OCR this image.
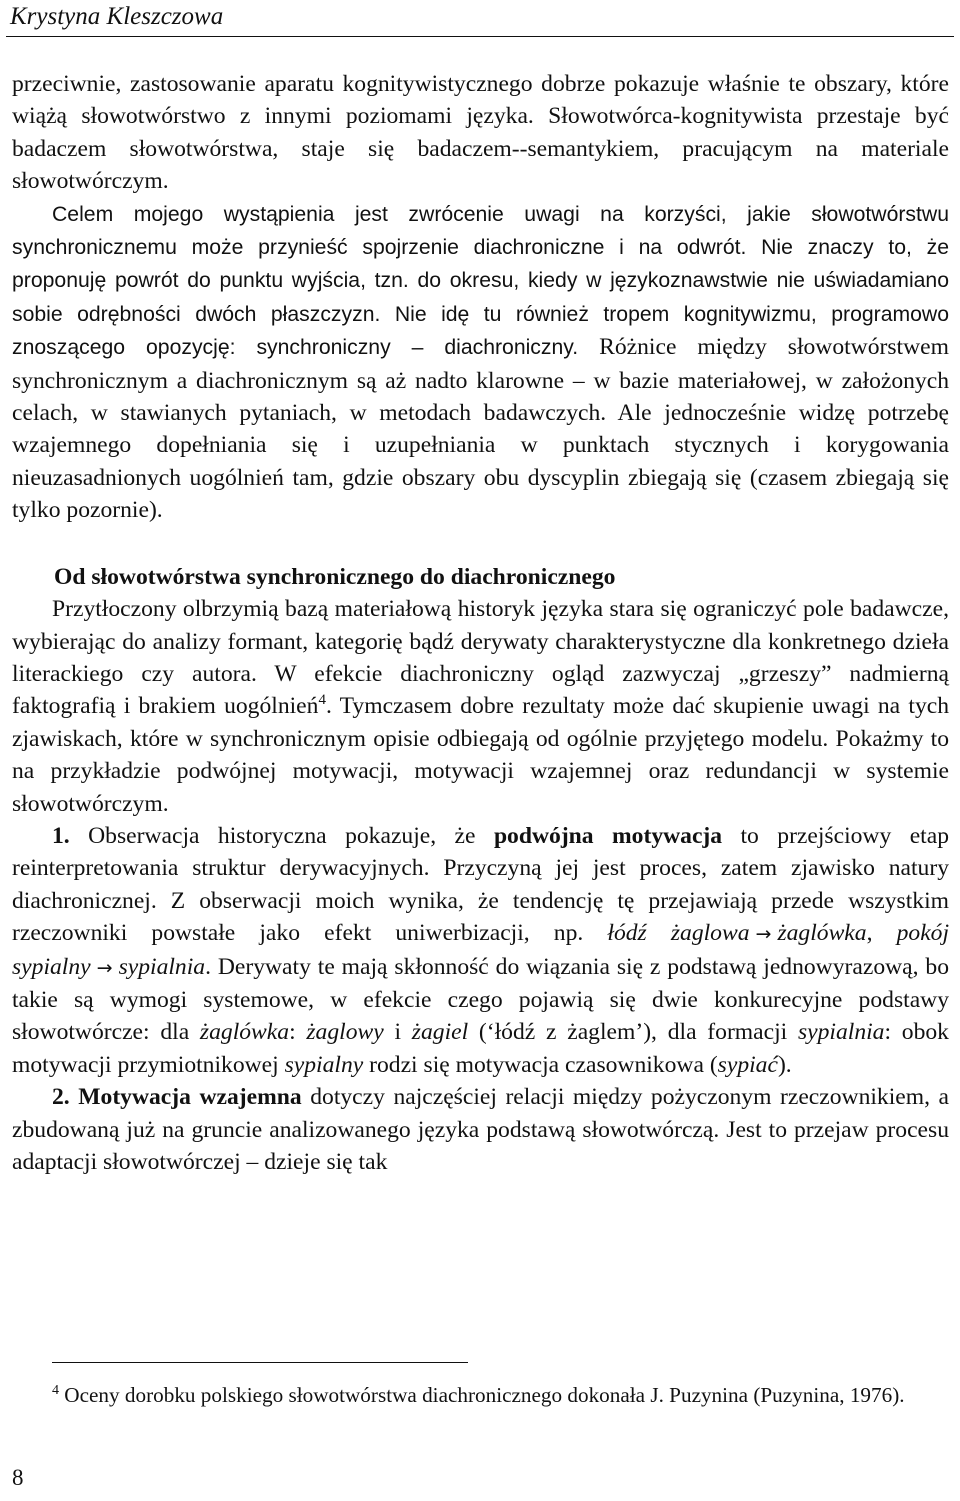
Krystyna Kleszczowa

przeciwnie, zastosowanie aparatu kognitywistycznego dobrze pokazuje właśnie te obszary, które wiążą słowotwórstwo z innymi poziomami języka. Słowotwórca-kognitywista przestaje być badaczem słowotwórstwa, staje się badaczem--semantykiem, pracującym na materiale słowotwórczym.

Celem mojego wystąpienia jest zwrócenie uwagi na korzyści, jakie słowotwórstwu synchronicznemu może przynieść spojrzenie diachroniczne i na odwrót. Nie znaczy to, że proponuję powrót do punktu wyjścia, tzn. do okresu, kiedy w językoznawstwie nie uświadamiano sobie odrębności dwóch płaszczyzn. Nie idę tu również tropem kognitywizmu, programowo znoszącego opozycję: synchroniczny – diachroniczny. Różnice między słowotwórstwem synchronicznym a diachronicznym są aż nadto klarowne – w bazie materiałowej, w założonych celach, w stawianych pytaniach, w metodach badawczych. Ale jednocześnie widzę potrzebę wzajemnego dopełniania się i uzupełniania w punktach stycznych i korygowania nieuzasadnionych uogólnień tam, gdzie obszary obu dyscyplin zbiegają się (czasem zbiegają się tylko pozornie).

Od słowotwórstwa synchronicznego do diachronicznego

Przytłoczony olbrzymią bazą materiałową historyk języka stara się ograniczyć pole badawcze, wybierając do analizy formant, kategorię bądź derywaty charakterystyczne dla konkretnego dzieła literackiego czy autora. W efekcie diachroniczny ogląd zazwyczaj „grzeszy” nadmierną faktografią i brakiem uogólnień$^4$. Tymczasem dobre rezultaty może dać skupienie uwagi na tych zjawiskach, które w synchronicznym opisie odbiegają od ogólnie przyjętego modelu. Pokażmy to na przykładzie podwójnej motywacji, motywacji wzajemnej oraz redundancji w systemie słowotwórczym.

1. Obserwacja historyczna pokazuje, że podwójna motywacja to przejściowy etap reinterpretowania struktur derywacyjnych. Przyczyną jej jest proces, zatem zjawisko natury diachronicznej. Z obserwacji moich wynika, że tendencję tę przejawiają przede wszystkim rzeczowniki powstałe jako efekt uniwerbizacji, np. łódź żaglowa → żaglówka, pokój sypialny → sypialnia. Derywaty te mają skłonność do wiązania się z podstawą jednowyrazową, bo takie są wymogi systemowe, w efekcie czego pojawią się dwie konkurecyjne podstawy słowotwórcze: dla żaglówka: żaglowy i żagiel (‘łódź z żaglem’), dla formacji sypialnia: obok motywacji przymiotnikowej sypialny rodzi się motywacja czasownikowa (sypiać).

2. Motywacja wzajemna dotyczy najczęściej relacji między pożyczonym rzeczownikiem, a zbudowaną już na gruncie analizowanego języka podstawą słowotwórczą. Jest to przejaw procesu adaptacji słowotwórczej – dzieje się tak

$^4$ Oceny dorobku polskiego słowotwórstwa diachronicznego dokonała J. Puzynina (Puzynina, 1976).

8
